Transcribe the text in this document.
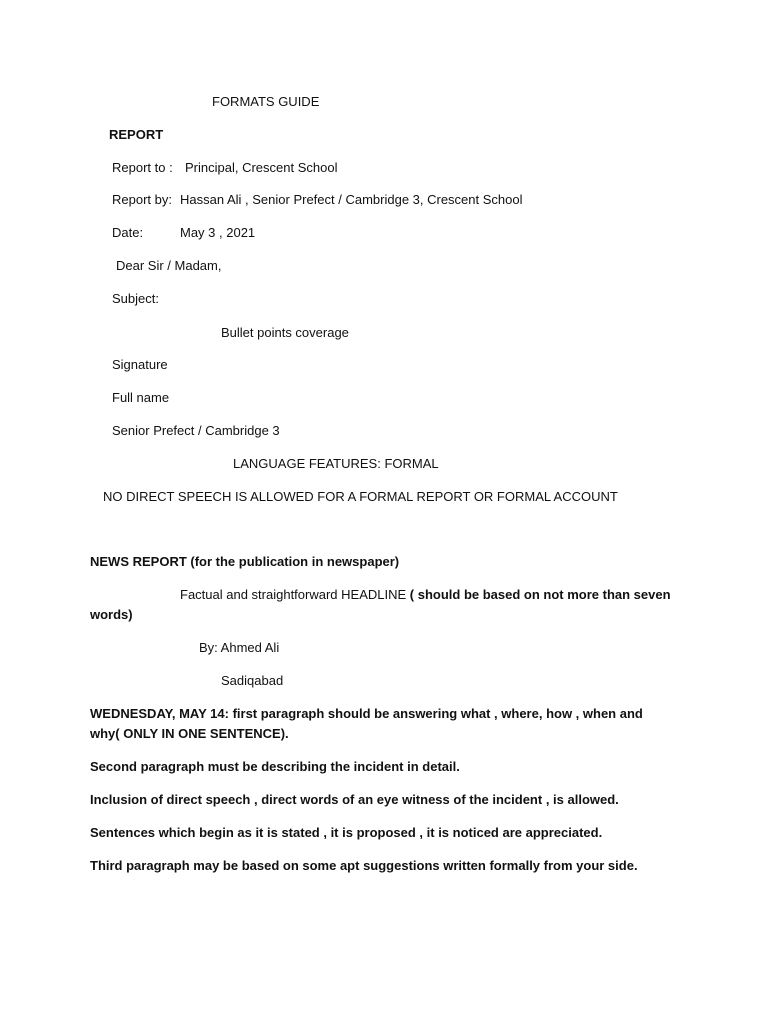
FORMATS GUIDE

REPORT

Report to : Principal, Crescent School

Report by: Hassan Ali , Senior Prefect / Cambridge 3, Crescent School

Date:	May 3 , 2021

Dear Sir / Madam,

Subject:

Bullet points coverage

Signature

Full name

Senior Prefect / Cambridge 3

LANGUAGE FEATURES: FORMAL

NO DIRECT SPEECH IS ALLOWED FOR A FORMAL REPORT OR FORMAL ACCOUNT

NEWS REPORT (for the publication in newspaper)

Factual and straightforward HEADLINE ( should be based on not more than seven

words)

By: Ahmed Ali

Sadiqabad

WEDNESDAY, MAY 14: first paragraph should be answering what , where, how , when and

why( ONLY IN ONE SENTENCE).

Second paragraph must be describing the incident in detail.

Inclusion of direct speech , direct words of an eye witness of the incident , is allowed.

Sentences which begin as it is stated , it is proposed , it is noticed are appreciated.

Third paragraph may be based on some apt suggestions written formally from your side.
